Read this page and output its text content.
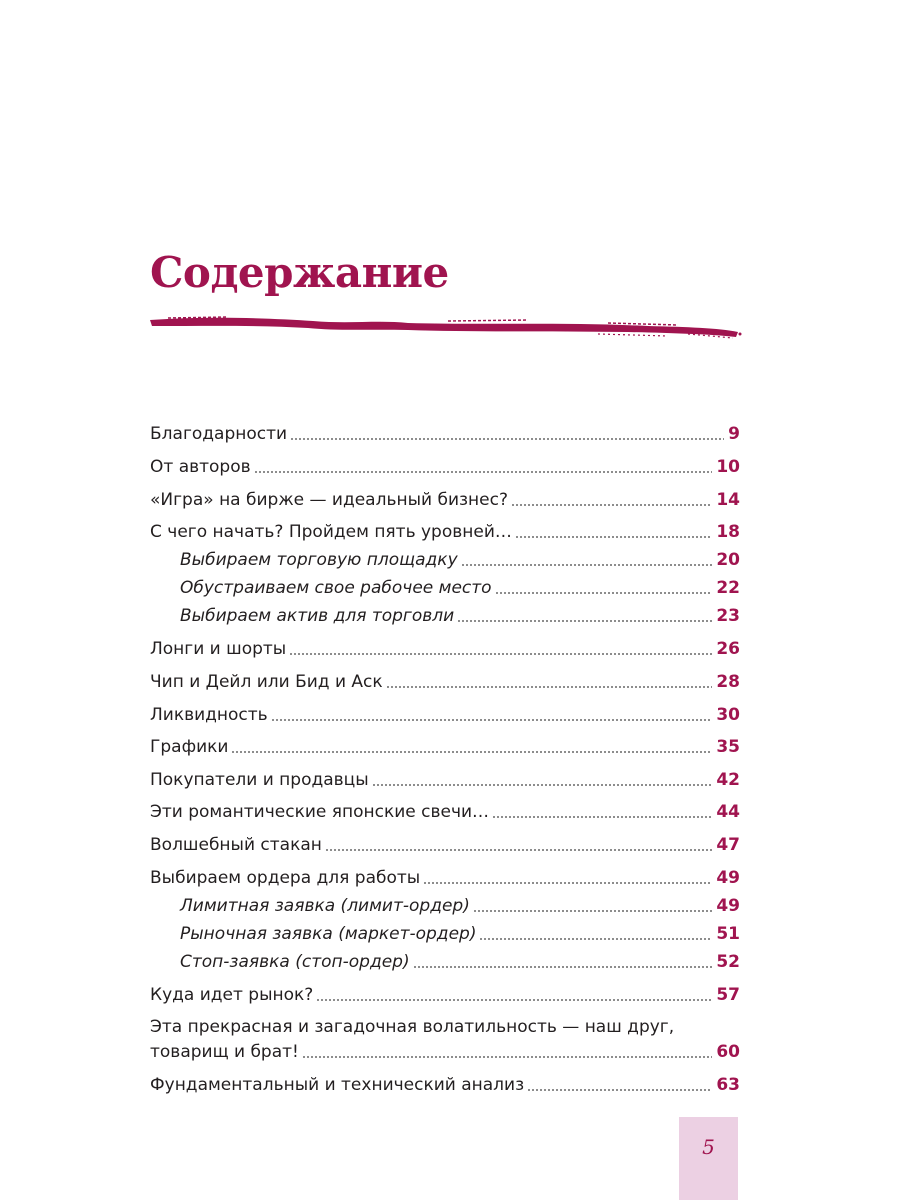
Содержание
Благодарности	9
От авторов	10
«Игра» на бирже — идеальный бизнес?	14
С чего начать? Пройдем пять уровней…	18
Выбираем торговую площадку	20
Обустраиваем свое рабочее место	22
Выбираем актив для торговли	23
Лонги и шорты	26
Чип и Дейл или Бид и Аск	28
Ликвидность	30
Графики	35
Покупатели и продавцы	42
Эти романтические японские свечи…	44
Волшебный стакан	47
Выбираем ордера для работы	49
Лимитная заявка (лимит-ордер)	49
Рыночная заявка (маркет-ордер)	51
Стоп-заявка (стоп-ордер)	52
Куда идет рынок?	57
Эта прекрасная и загадочная волатильность — наш друг,
товарищ и брат!	60
Фундаментальный и технический анализ	63
5
